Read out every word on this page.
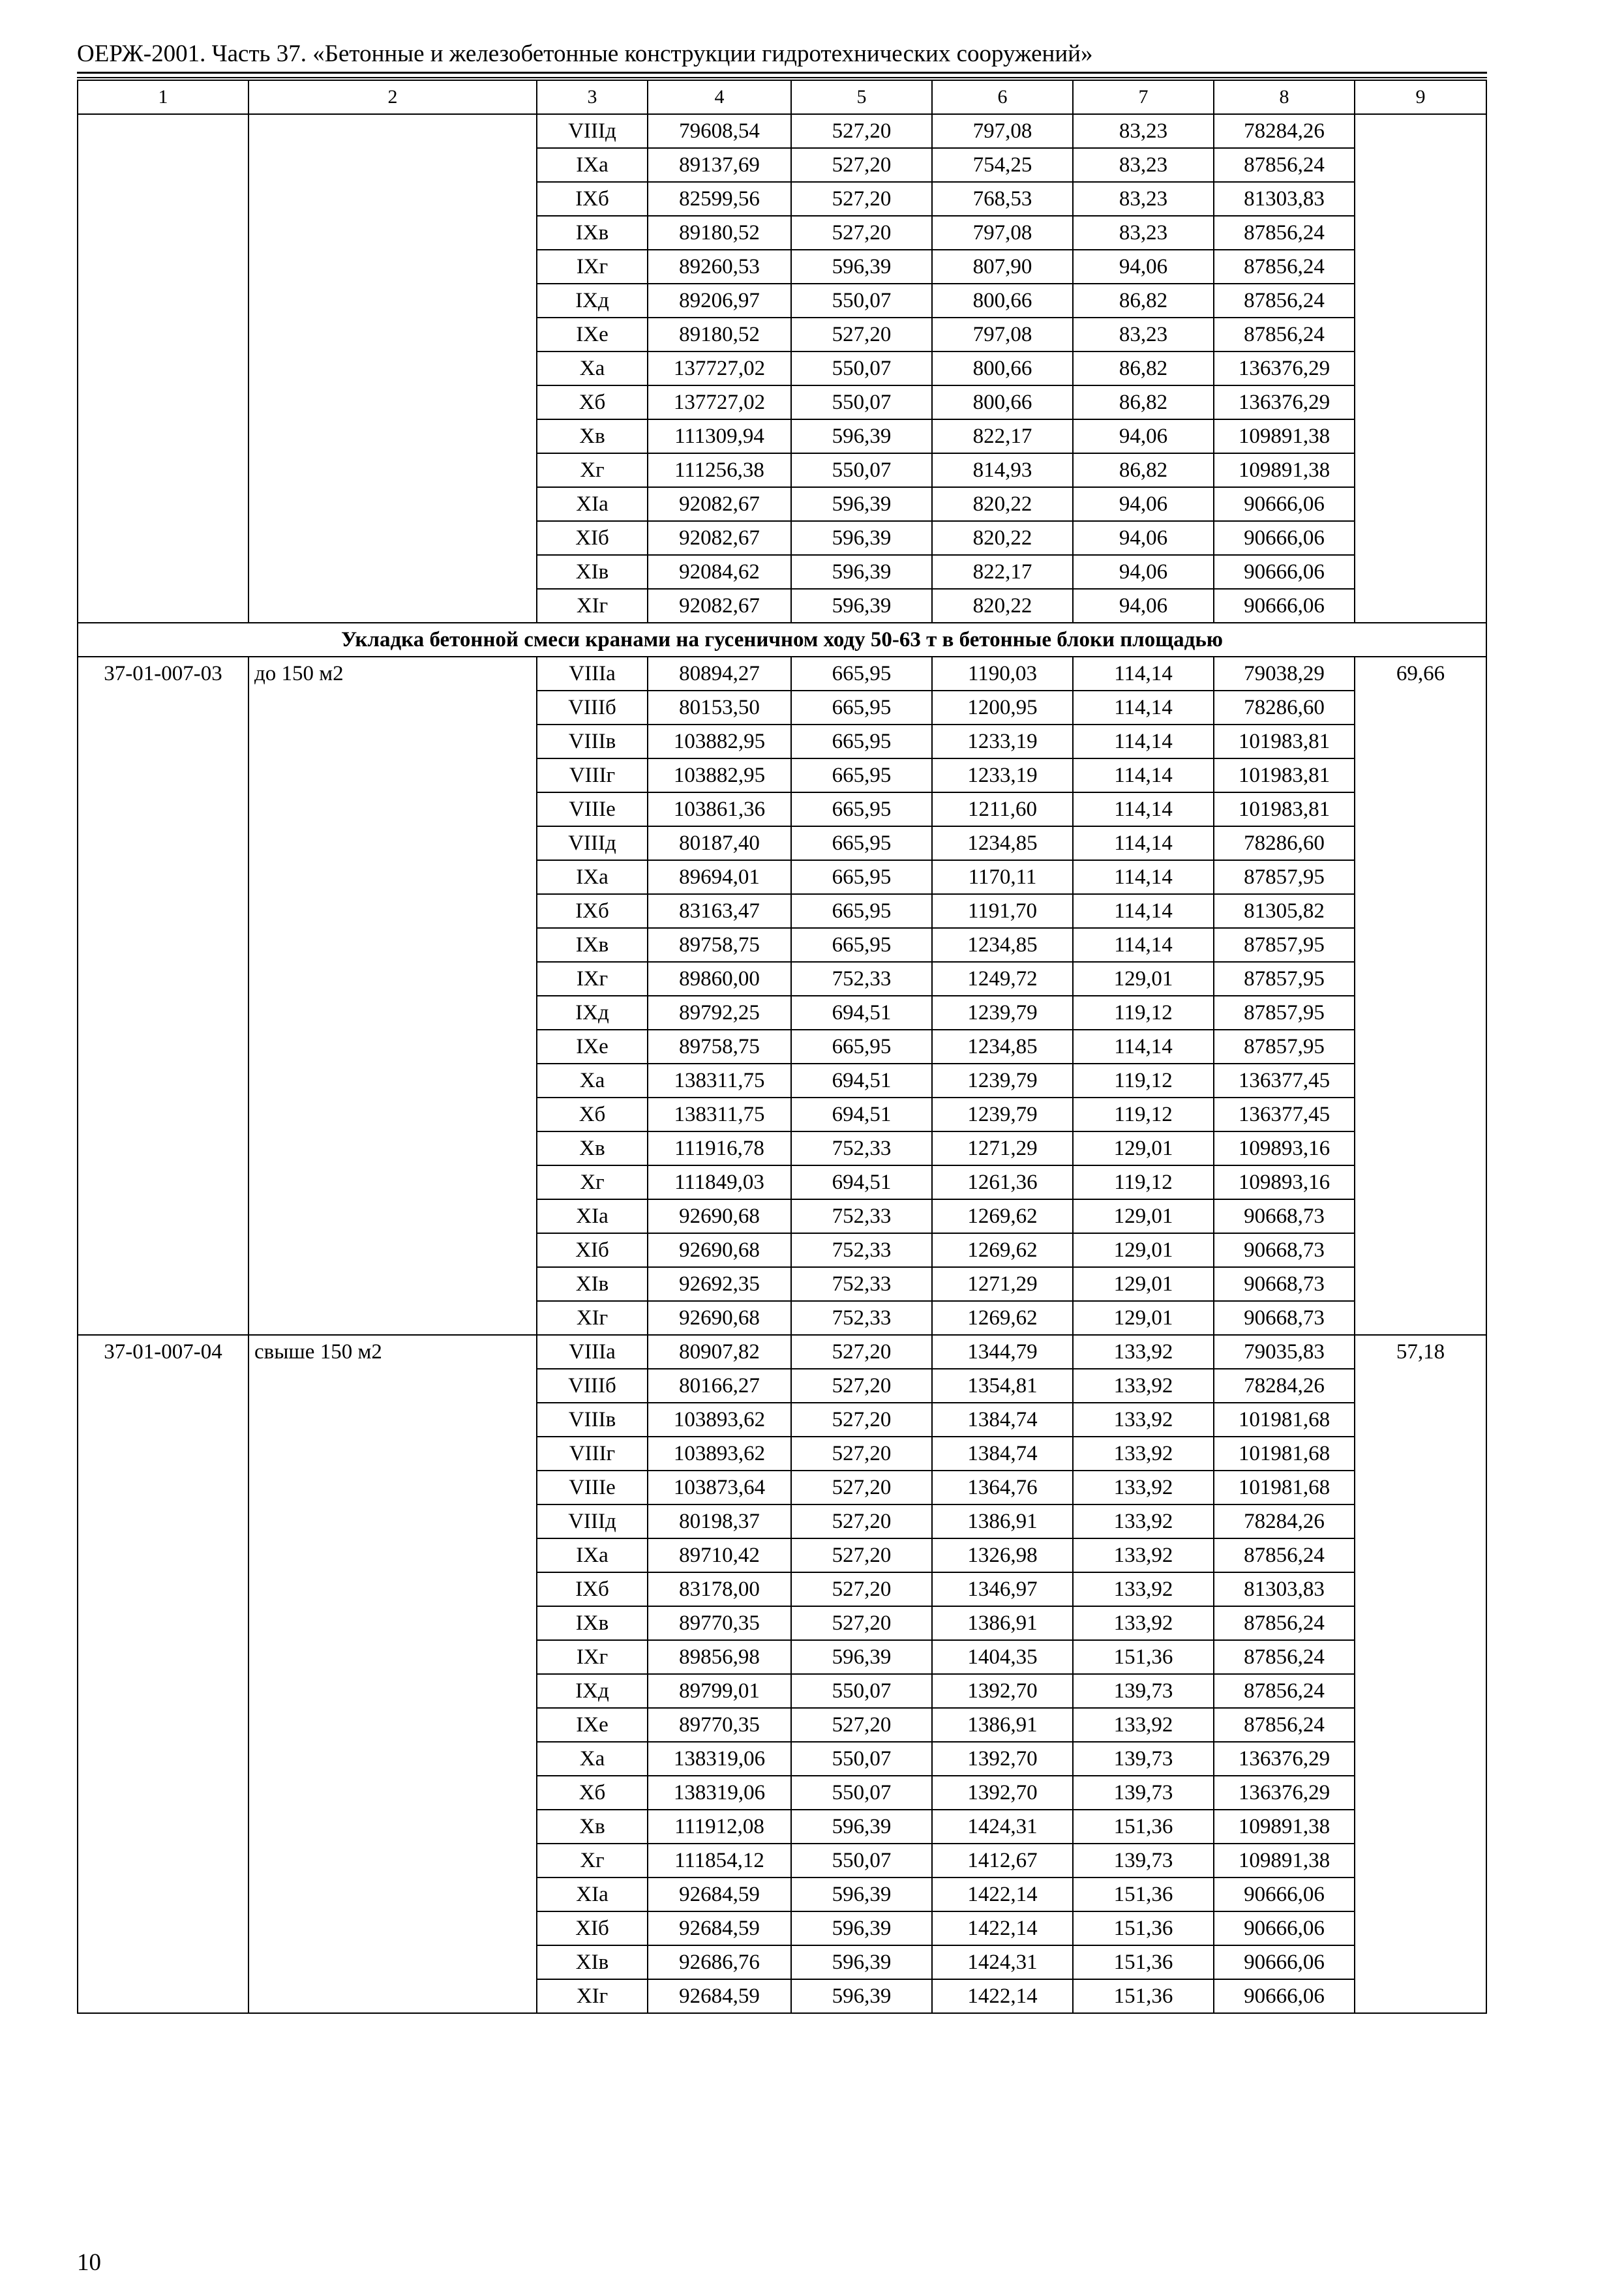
ОЕРЖ-2001. Часть 37. «Бетонные и железобетонные конструкции гидротехнических сооружений»
1	2	3	4	5	6	7	8	9
		VIIIд	79608,54	527,20	797,08	83,23	78284,26	
		IXа	89137,69	527,20	754,25	83,23	87856,24	
		IXб	82599,56	527,20	768,53	83,23	81303,83	
		IXв	89180,52	527,20	797,08	83,23	87856,24	
		IXг	89260,53	596,39	807,90	94,06	87856,24	
		IXд	89206,97	550,07	800,66	86,82	87856,24	
		IXе	89180,52	527,20	797,08	83,23	87856,24	
		Xа	137727,02	550,07	800,66	86,82	136376,29	
		Xб	137727,02	550,07	800,66	86,82	136376,29	
		Xв	111309,94	596,39	822,17	94,06	109891,38	
		Xг	111256,38	550,07	814,93	86,82	109891,38	
		XIа	92082,67	596,39	820,22	94,06	90666,06	
		XIб	92082,67	596,39	820,22	94,06	90666,06	
		XIв	92084,62	596,39	822,17	94,06	90666,06	
		XIг	92082,67	596,39	820,22	94,06	90666,06	
Укладка бетонной смеси кранами на гусеничном ходу 50-63 т в бетонные блоки площадью								
37-01-007-03	до 150 м2	VIIIа	80894,27	665,95	1190,03	114,14	79038,29	69,66
		VIIIб	80153,50	665,95	1200,95	114,14	78286,60	
		VIIIв	103882,95	665,95	1233,19	114,14	101983,81	
		VIIIг	103882,95	665,95	1233,19	114,14	101983,81	
		VIIIе	103861,36	665,95	1211,60	114,14	101983,81	
		VIIIд	80187,40	665,95	1234,85	114,14	78286,60	
		IXа	89694,01	665,95	1170,11	114,14	87857,95	
		IXб	83163,47	665,95	1191,70	114,14	81305,82	
		IXв	89758,75	665,95	1234,85	114,14	87857,95	
		IXг	89860,00	752,33	1249,72	129,01	87857,95	
		IXд	89792,25	694,51	1239,79	119,12	87857,95	
		IXе	89758,75	665,95	1234,85	114,14	87857,95	
		Xа	138311,75	694,51	1239,79	119,12	136377,45	
		Xб	138311,75	694,51	1239,79	119,12	136377,45	
		Xв	111916,78	752,33	1271,29	129,01	109893,16	
		Xг	111849,03	694,51	1261,36	119,12	109893,16	
		XIа	92690,68	752,33	1269,62	129,01	90668,73	
		XIб	92690,68	752,33	1269,62	129,01	90668,73	
		XIв	92692,35	752,33	1271,29	129,01	90668,73	
		XIг	92690,68	752,33	1269,62	129,01	90668,73	
37-01-007-04	свыше 150 м2	VIIIа	80907,82	527,20	1344,79	133,92	79035,83	57,18
		VIIIб	80166,27	527,20	1354,81	133,92	78284,26	
		VIIIв	103893,62	527,20	1384,74	133,92	101981,68	
		VIIIг	103893,62	527,20	1384,74	133,92	101981,68	
		VIIIе	103873,64	527,20	1364,76	133,92	101981,68	
		VIIIд	80198,37	527,20	1386,91	133,92	78284,26	
		IXа	89710,42	527,20	1326,98	133,92	87856,24	
		IXб	83178,00	527,20	1346,97	133,92	81303,83	
		IXв	89770,35	527,20	1386,91	133,92	87856,24	
		IXг	89856,98	596,39	1404,35	151,36	87856,24	
		IXд	89799,01	550,07	1392,70	139,73	87856,24	
		IXе	89770,35	527,20	1386,91	133,92	87856,24	
		Xа	138319,06	550,07	1392,70	139,73	136376,29	
		Xб	138319,06	550,07	1392,70	139,73	136376,29	
		Xв	111912,08	596,39	1424,31	151,36	109891,38	
		Xг	111854,12	550,07	1412,67	139,73	109891,38	
		XIа	92684,59	596,39	1422,14	151,36	90666,06	
		XIб	92684,59	596,39	1422,14	151,36	90666,06	
		XIв	92686,76	596,39	1424,31	151,36	90666,06	
		XIг	92684,59	596,39	1422,14	151,36	90666,06	
10
